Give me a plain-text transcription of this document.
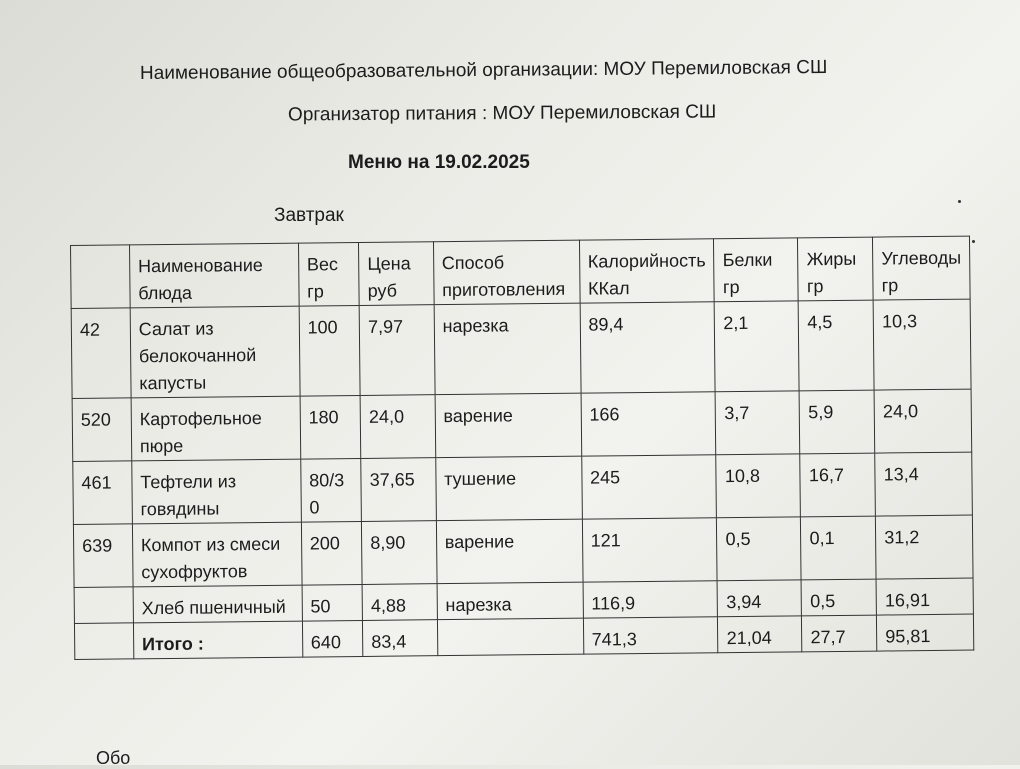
Наименование общеобразовательной организации: МОУ Перемиловская СШ
Организатор питания : МОУ Перемиловская СШ
Меню на 19.02.2025
Завтрак
	Наименование блюда	Вес гр	Цена руб	Способ приготовления	Калорийность ККал	Белки гр	Жиры гр	Углеводы гр
42	Салат из белокочанной капусты	100	7,97	нарезка	89,4	2,1	4,5	10,3
520	Картофельное пюре	180	24,0	варение	166	3,7	5,9	24,0
461	Тефтели из говядины	80/30	37,65	тушение	245	10,8	16,7	13,4
639	Компот из смеси сухофруктов	200	8,90	варение	121	0,5	0,1	31,2
	Хлеб пшеничный	50	4,88	нарезка	116,9	3,94	0,5	16,91
	Итого :	640	83,4		741,3	21,04	27,7	95,81
Обо
